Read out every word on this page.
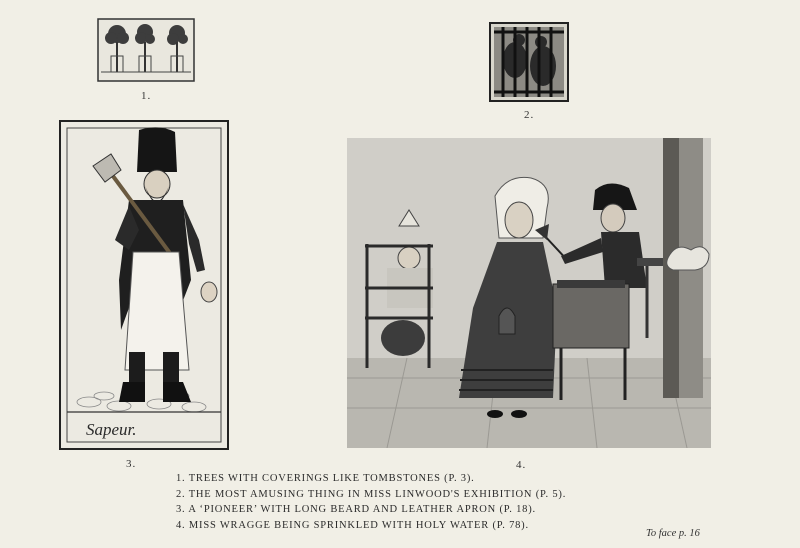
1.
2.
Sapeur.
3.	4.
1. TREES WITH COVERINGS LIKE TOMBSTONES (P. 3).
2. THE MOST AMUSING THING IN MISS LINWOOD'S EXHIBITION (P. 5).
3. A ‘PIONEER’ WITH LONG BEARD AND LEATHER APRON (P. 18).
4. MISS WRAGGE BEING SPRINKLED WITH HOLY WATER (P. 78).
To face p. 16
